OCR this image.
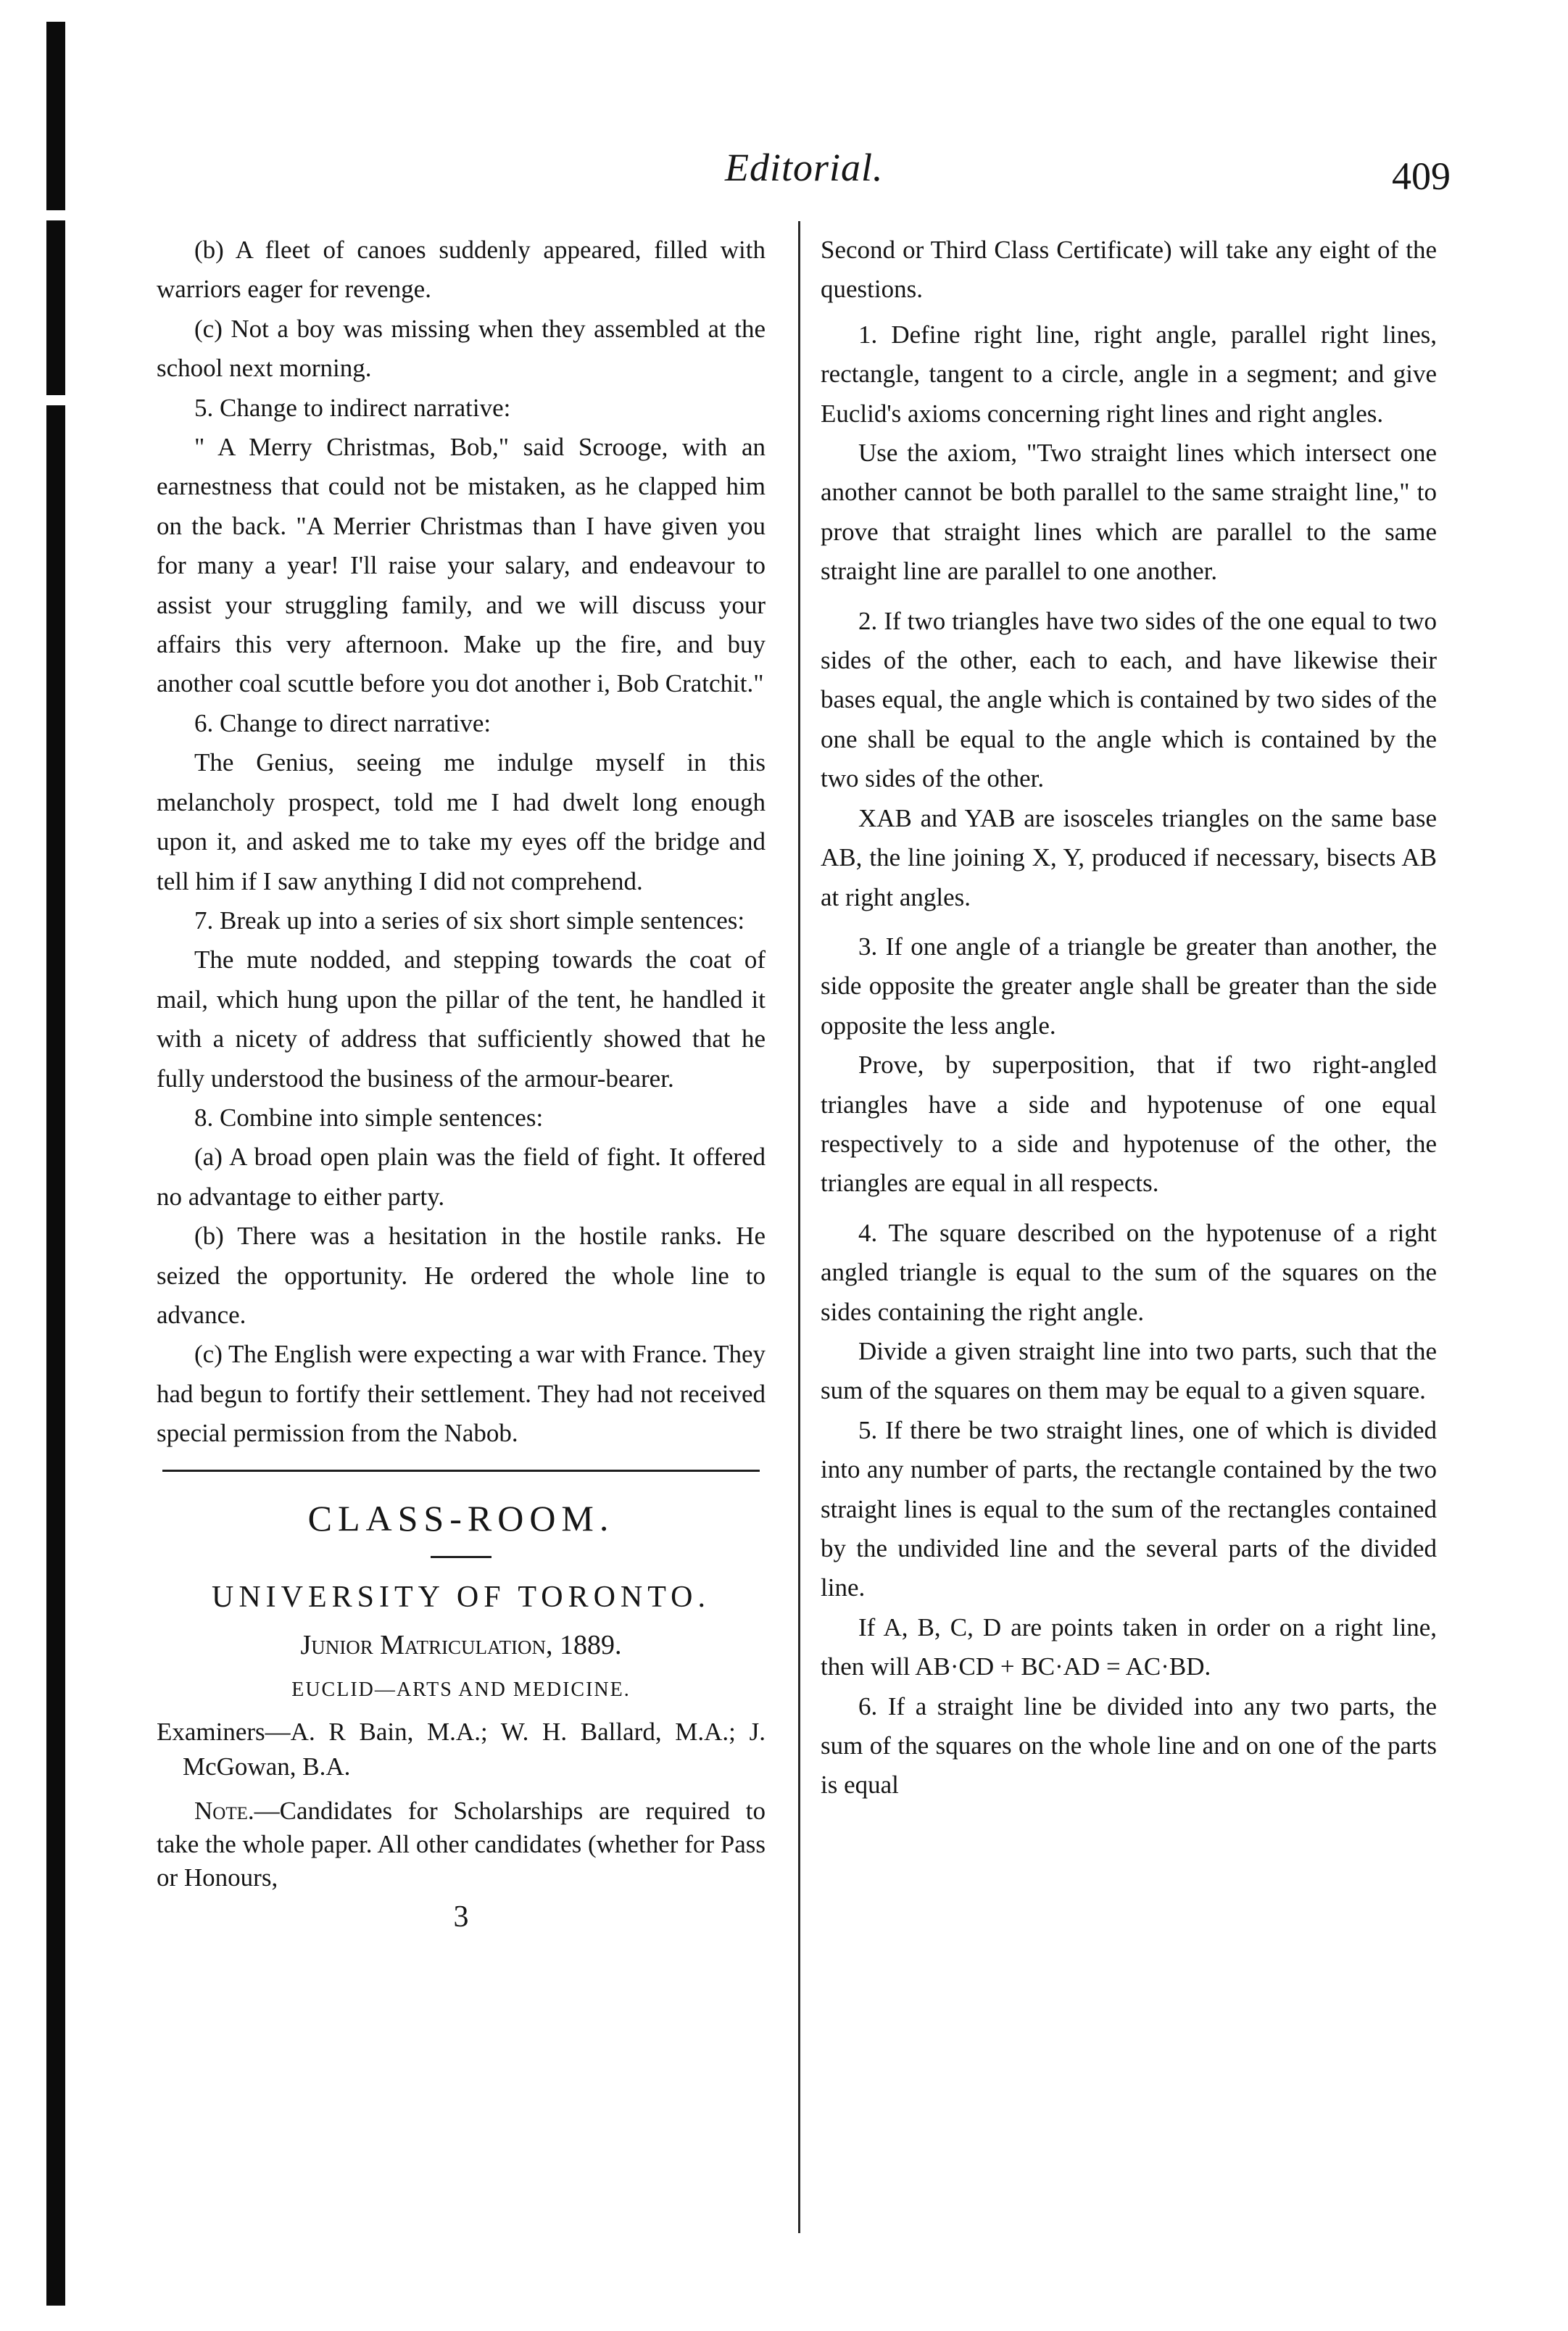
Editorial.	409

(b) A fleet of canoes suddenly appeared, filled with warriors eager for revenge.

(c) Not a boy was missing when they assembled at the school next morning.

5. Change to indirect narrative:

" A Merry Christmas, Bob," said Scrooge, with an earnestness that could not be mistaken, as he clapped him on the back. "A Merrier Christmas than I have given you for many a year! I'll raise your salary, and endeavour to assist your struggling family, and we will discuss your affairs this very afternoon. Make up the fire, and buy another coal scuttle before you dot another i, Bob Cratchit."

6. Change to direct narrative:

The Genius, seeing me indulge myself in this melancholy prospect, told me I had dwelt long enough upon it, and asked me to take my eyes off the bridge and tell him if I saw anything I did not comprehend.

7. Break up into a series of six short simple sentences:

The mute nodded, and stepping towards the coat of mail, which hung upon the pillar of the tent, he handled it with a nicety of address that sufficiently showed that he fully understood the business of the armour-bearer.

8. Combine into simple sentences:

(a) A broad open plain was the field of fight. It offered no advantage to either party.

(b) There was a hesitation in the hostile ranks. He seized the opportunity. He ordered the whole line to advance.

(c) The English were expecting a war with France. They had begun to fortify their settlement. They had not received special permission from the Nabob.

CLASS-ROOM.
UNIVERSITY OF TORONTO.
Junior Matriculation, 1889.
EUCLID—ARTS AND MEDICINE.

Examiners—A. R Bain, M.A.; W. H. Ballard, M.A.; J. McGowan, B.A.

Note.—Candidates for Scholarships are required to take the whole paper. All other candidates (whether for Pass or Honours,

3

Second or Third Class Certificate) will take any eight of the questions.

1. Define right line, right angle, parallel right lines, rectangle, tangent to a circle, angle in a segment; and give Euclid's axioms concerning right lines and right angles.

Use the axiom, "Two straight lines which intersect one another cannot be both parallel to the same straight line," to prove that straight lines which are parallel to the same straight line are parallel to one another.

2. If two triangles have two sides of the one equal to two sides of the other, each to each, and have likewise their bases equal, the angle which is contained by two sides of the one shall be equal to the angle which is contained by the two sides of the other.

XAB and YAB are isosceles triangles on the same base AB, the line joining X, Y, produced if necessary, bisects AB at right angles.

3. If one angle of a triangle be greater than another, the side opposite the greater angle shall be greater than the side opposite the less angle.

Prove, by superposition, that if two right-angled triangles have a side and hypotenuse of one equal respectively to a side and hypotenuse of the other, the triangles are equal in all respects.

4. The square described on the hypotenuse of a right angled triangle is equal to the sum of the squares on the sides containing the right angle.

Divide a given straight line into two parts, such that the sum of the squares on them may be equal to a given square.

5. If there be two straight lines, one of which is divided into any number of parts, the rectangle contained by the two straight lines is equal to the sum of the rectangles contained by the undivided line and the several parts of the divided line.

If A, B, C, D are points taken in order on a right line, then will AB·CD + BC·AD = AC·BD.

6. If a straight line be divided into any two parts, the sum of the squares on the whole line and on one of the parts is equal
